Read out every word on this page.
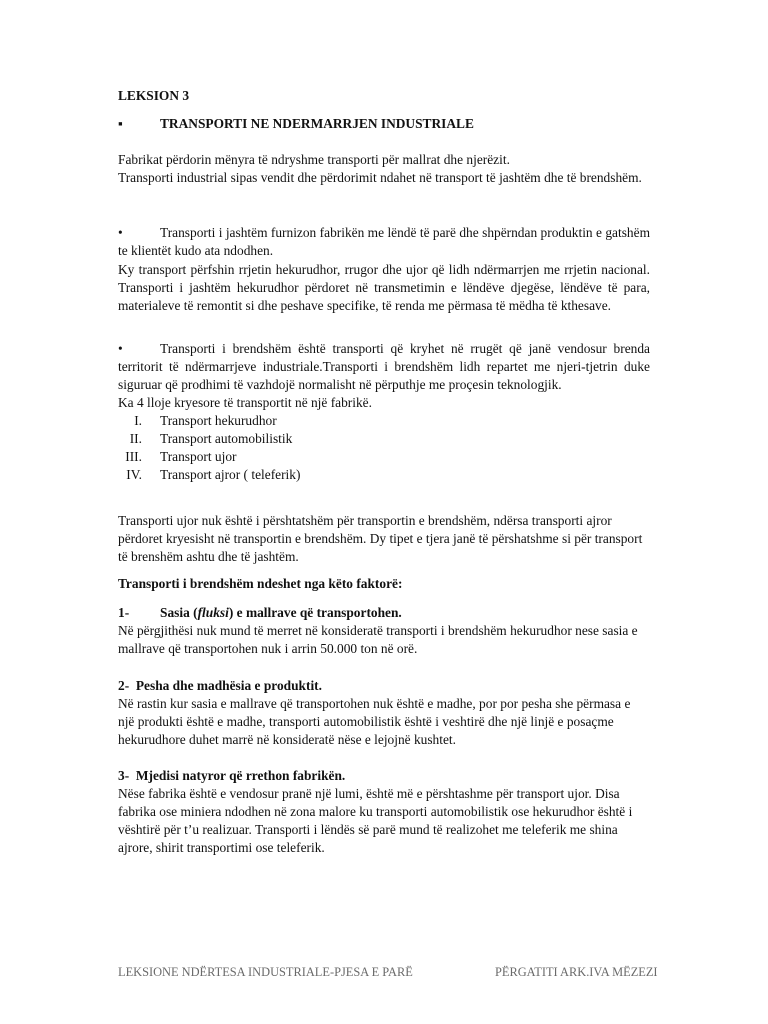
LEKSION 3
▪	TRANSPORTI NE NDERMARRJEN INDUSTRIALE

Fabrikat përdorin mënyra të ndryshme transporti për mallrat dhe njerëzit.

Transporti industrial sipas vendit dhe përdorimit ndahet në transport të jashtëm dhe të brendshëm.

•	Transporti i jashtëm furnizon fabrikën me lëndë të parë dhe shpërndan produktin e gatshëm te klientët kudo ata ndodhen.

Ky transport përfshin rrjetin hekurudhor, rrugor dhe ujor që lidh ndërmarrjen me rrjetin nacional. Transporti i jashtëm hekurudhor përdoret në transmetimin e lëndëve djegëse, lëndëve të para, materialeve të remontit si dhe peshave specifike, të renda me përmasa të mëdha të kthesave.

•	Transporti i brendshëm është transporti që kryhet në rrugët që janë vendosur brenda territorit të ndërmarrjeve industriale.Transporti i brendshëm lidh repartet me njeri-tjetrin duke siguruar që prodhimi të vazhdojë normalisht në përputhje me proçesin teknologjik.

Ka 4 lloje kryesore të transportit në një fabrikë.

I. Transport hekurudhor
II. Transport automobilistik
III. Transport ujor
IV. Transport ajror ( teleferik)

Transporti ujor nuk është i përshtatshëm për transportin e brendshëm, ndërsa transporti ajror përdoret kryesisht në transportin e brendshëm. Dy tipet e tjera janë të përshatshme si për transport të brenshëm ashtu dhe të jashtëm.

Transporti i brendshëm ndeshet nga këto faktorë:
1- Sasia (fluksi) e mallrave që transportohen.

Në përgjithësi nuk mund të merret në konsideratë transporti i brendshëm hekurudhor nese sasia e mallrave që transportohen nuk i arrin 50.000 ton në orë.

2- Pesha dhe madhësia e produktit.

Në rastin kur sasia e mallrave që transportohen nuk është e madhe, por por pesha she përmasa e një produkti është e madhe, transporti automobilistik është i veshtirë dhe një linjë e posaçme hekurudhore duhet marrë në konsideratë nëse e lejojnë kushtet.

3- Mjedisi natyror që rrethon fabrikën.

Nëse fabrika është e vendosur pranë një lumi, është më e përshtashme për transport ujor. Disa fabrika ose miniera ndodhen në zona malore ku transporti automobilistik ose hekurudhor është i vështirë për t’u realizuar. Transporti i lëndës së parë mund të realizohet me teleferik me shina ajrore, shirit transportimi ose teleferik.

LEKSIONE NDËRTESA INDUSTRIALE-PJESA E PARË	PËRGATITI ARK.IVA MËZEZI
